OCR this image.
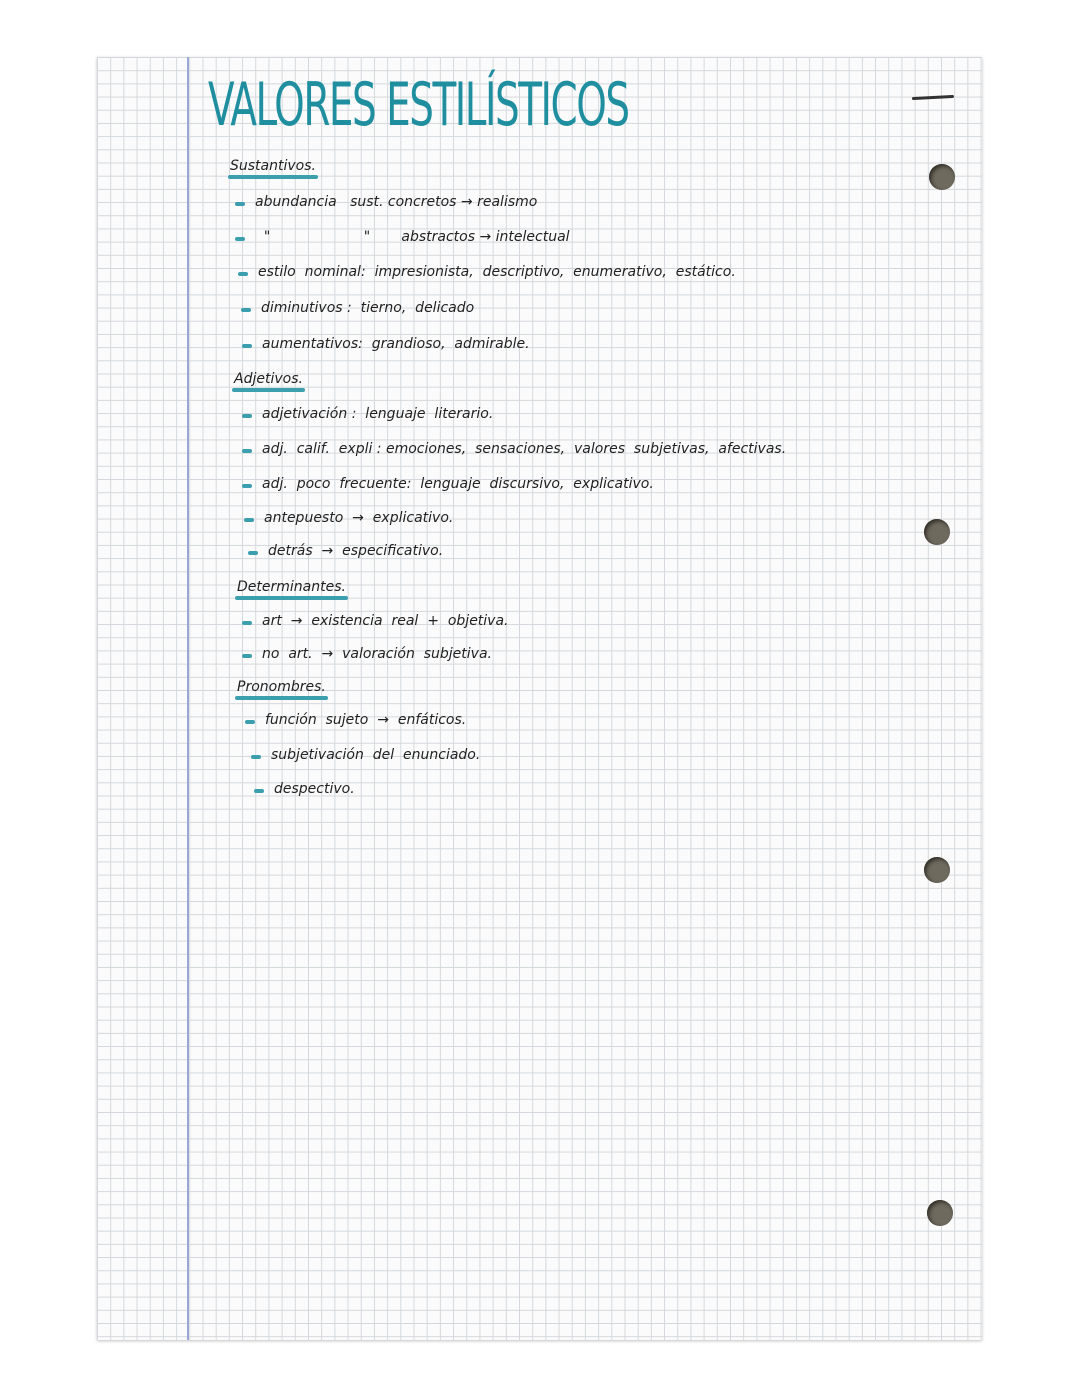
VALORES ESTILÍSTICOS
Sustantivos.
abundancia   sust. concretos → realismo
"                     "       abstractos → intelectual
estilo  nominal:  impresionista,  descriptivo,  enumerativo,  estático.
diminutivos :  tierno,  delicado
aumentativos:  grandioso,  admirable.
Adjetivos.
adjetivación :  lenguaje  literario.
adj.  calif.  expli : emociones,  sensaciones,  valores  subjetivas,  afectivas.
adj.  poco  frecuente:  lenguaje  discursivo,  explicativo.
antepuesto  →  explicativo.
detrás  →  especificativo.
Determinantes.
art  →  existencia  real  +  objetiva.
no  art.  →  valoración  subjetiva.
Pronombres.
función  sujeto  →  enfáticos.
subjetivación  del  enunciado.
despectivo.
